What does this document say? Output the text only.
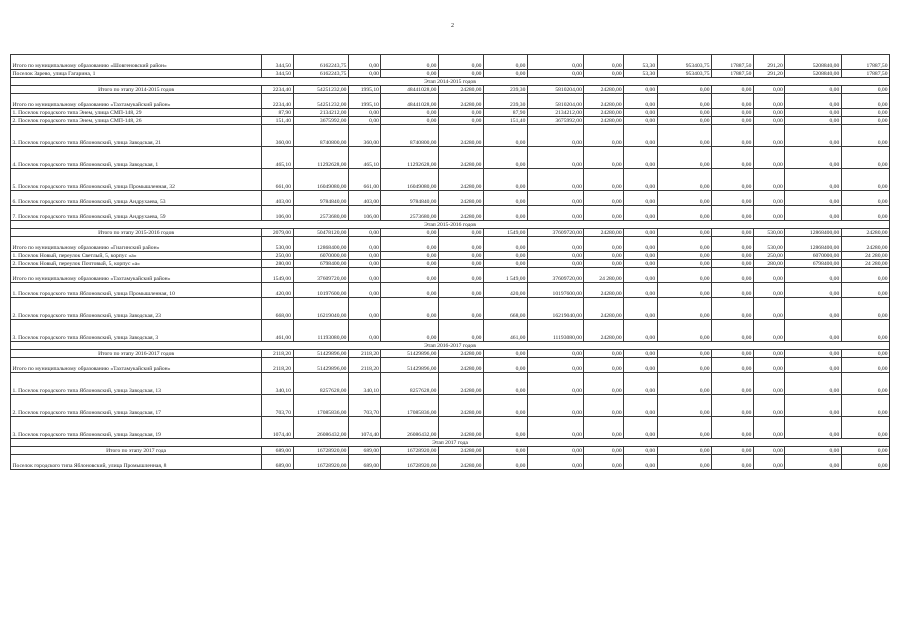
2
Итого по муниципальному образованию «Шовгеновский район»	344,50	6162243,75	0,00	0,00	0,00	0,00	0,00	0,00	53,30	953403,75	17887,50	291,20	5208840,00	17887,50
Поселок Зарево, улица Гагарина, 1	344,50	6162243,75	0,00	0,00	0,00	0,00	0,00	0,00	53,30	953403,75	17887,50	291,20	5208840,00	17887,50
Этап 2014-2015 годов														
Итого по этапу 2014-2015 годов	2234,40	54251232,00	1995,10	48441028,00	24280,00	239,30	5810204,00	24280,00	0,00	0,00	0,00	0,00	0,00	0,00
Итого по муниципальному образованию «Тахтамукайский район»	2234,40	54251232,00	1995,10	48441028,00	24280,00	239,30	5810204,00	24280,00	0,00	0,00	0,00	0,00	0,00	0,00
1. Поселок городского типа Энем, улица СМП-148, 29	87,90	2134212,00	0,00	0,00	0,00	87,90	2134212,00	24280,00	0,00	0,00	0,00	0,00	0,00	0,00
2. Поселок городского типа Энем, улица СМП-148, 26	151,40	3675992,00	0,00	0,00	0,00	151,40	3675992,00	24280,00	0,00	0,00	0,00	0,00	0,00	0,00
3. Поселок городского типа Яблоновский, улица Заводская, 21	360,00	8740800,00	360,00	8740800,00	24280,00	0,00	0,00	0,00	0,00	0,00	0,00	0,00	0,00	0,00
4. Поселок городского типа Яблоновский, улица Заводская, 1	465,10	11292628,00	465,10	11292628,00	24280,00	0,00	0,00	0,00	0,00	0,00	0,00	0,00	0,00	0,00
5. Поселок городского типа Яблоновский, улица Промышленная, 32	661,00	16049080,00	661,00	16049080,00	24280,00	0,00	0,00	0,00	0,00	0,00	0,00	0,00	0,00	0,00
6. Поселок городского типа Яблоновский, улица Андрухаева, 53	403,00	9784840,00	403,00	9784840,00	24280,00	0,00	0,00	0,00	0,00	0,00	0,00	0,00	0,00	0,00
7. Поселок городского типа Яблоновский, улица Андрухаева, 59	106,00	2573680,00	106,00	2573680,00	24280,00	0,00	0,00	0,00	0,00	0,00	0,00	0,00	0,00	0,00
Этап 2015-2016 годов														
Итого по этапу 2015-2016 годов	2079,00	50478120,00	0,00	0,00	0,00	1549,00	37609720,00	24280,00	0,00	0,00	0,00	530,00	12868400,00	24280,00
Итого по муниципальному образованию «Гиагинский район»	530,00	12868400,00	0,00	0,00	0,00	0,00	0,00	0,00	0,00	0,00	0,00	530,00	12868400,00	24280,00
1. Поселок Новый, переулок Светлый, 5, корпус «а»	250,00	6070000,00	0,00	0,00	0,00	0,00	0,00	0,00	0,00	0,00	0,00	250,00	6070000,00	24 280,00
2. Поселок Новый, переулок Почтовый, 5, корпус «а»	280,00	6798400,00	0,00	0,00	0,00	0,00	0,00	0,00	0,00	0,00	0,00	280,00	6798400,00	24 280,00
Итого по муниципальному образованию «Тахтамукайский район»	1549,00	37609720,00	0,00	0,00	0,00	1 549,00	37609720,00	24 280,00	0,00	0,00	0,00	0,00	0,00	0,00
1. Поселок городского типа Яблоновский, улица Промышленная, 10	420,00	10197600,00	0,00	0,00	0,00	420,00	10197600,00	24280,00	0,00	0,00	0,00	0,00	0,00	0,00
2. Поселок городского типа Яблоновский, улица Заводская, 23	668,00	16219040,00	0,00	0,00	0,00	668,00	16219040,00	24280,00	0,00	0,00	0,00	0,00	0,00	0,00
3. Поселок городского типа Яблоновский, улица Заводская, 3	461,00	11193080,00	0,00	0,00	0,00	461,00	11193080,00	24280,00	0,00	0,00	0,00	0,00	0,00	0,00
Этап 2016-2017 годов														
Итого по этапу 2016-2017 годов	2118,20	51429896,00	2118,20	51429896,00	24280,00	0,00	0,00	0,00	0,00	0,00	0,00	0,00	0,00	0,00
Итого по муниципальному образованию «Тахтамукайский район»	2118,20	51429896,00	2118,20	51429896,00	24280,00	0,00	0,00	0,00	0,00	0,00	0,00	0,00	0,00	0,00
1. Поселок городского типа Яблоновский, улица Заводская, 13	340,10	8257628,00	340,10	8257628,00	24280,00	0,00	0,00	0,00	0,00	0,00	0,00	0,00	0,00	0,00
2. Поселок городского типа Яблоновский, улица Заводская, 17	703,70	17085836,00	703,70	17085836,00	24280,00	0,00	0,00	0,00	0,00	0,00	0,00	0,00	0,00	0,00
3. Поселок городского типа Яблоновский, улица Заводская, 19	1074,40	26086432,00	1074,40	26086432,00	24280,00	0,00	0,00	0,00	0,00	0,00	0,00	0,00	0,00	0,00
Этап 2017 года														
Итого по этапу 2017 года	689,00	16728920,00	689,00	16728920,00	24280,00	0,00	0,00	0,00	0,00	0,00	0,00	0,00	0,00	0,00
Поселок городского типа Яблоновский, улица Промышленная, 8	689,00	16728920,00	689,00	16728920,00	24280,00	0,00	0,00	0,00	0,00	0,00	0,00	0,00	0,00	0,00
